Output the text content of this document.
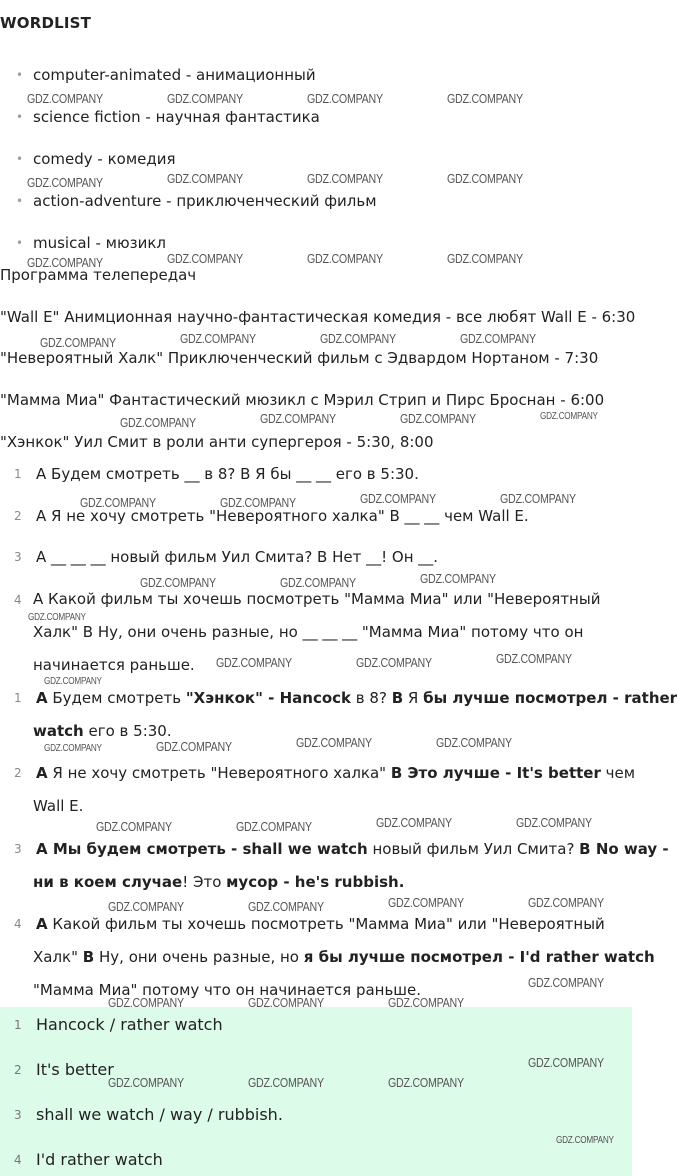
WORDLIST
• computer-animated - анимационный
• science fiction - научная фантастика
• comedy - комедия
• action-adventure - приключенческий фильм
• musical - мюзикл
Программа телепередач
"Wall E" Анимционная научно-фантастическая комедия - все любят Wall E - 6:30
"Невероятный Халк" Приключенческий фильм с Эдвардом Нортаном - 7:30
"Мамма Миа" Фантастический мюзикл с Мэрил Стрип и Пирс Броснан - 6:00
"Хэнкок" Уил Смит в роли анти супергероя - 5:30, 8:00
1 А Будем смотреть __ в 8? В Я бы __ __ его в 5:30.
2 А Я не хочу смотреть "Невероятного халка" В __ __ чем Wall E.
3 А __ __ __ новый фильм Уил Смита? В Нет __! Он __.
4 А Какой фильм ты хочешь посмотреть "Мамма Миа" или "Невероятный
Халк" В Ну, они очень разные, но __ __ __ "Мамма Миа" потому что он
начинается раньше.
1 А Будем смотреть "Хэнкок" - Hancock в 8? В Я бы лучше посмотрел - rather
watch его в 5:30.
2 А Я не хочу смотреть "Невероятного халка" В Это лучше - It's better чем
Wall E.
3 А Мы будем смотреть - shall we watch новый фильм Уил Смита? В No way -
ни в коем случае! Это мусор - he's rubbish.
4 А Какой фильм ты хочешь посмотреть "Мамма Миа" или "Невероятный
Халк" В Ну, они очень разные, но я бы лучше посмотрел - I'd rather watch
"Мамма Миа" потому что он начинается раньше.
1 Hancock / rather watch
2 It's better
3 shall we watch / way / rubbish.
4 I'd rather watch
GDZ.COMPANY	GDZ.COMPANY	GDZ.COMPANY	GDZ.COMPANY
GDZ.COMPANY	GDZ.COMPANY	GDZ.COMPANY	GDZ.COMPANY
GDZ.COMPANY	GDZ.COMPANY	GDZ.COMPANY	GDZ.COMPANY
GDZ.COMPANY	GDZ.COMPANY	GDZ.COMPANY	GDZ.COMPANY
GDZ.COMPANY	GDZ.COMPANY	GDZ.COMPANY	GDZ.COMPANY
GDZ.COMPANY	GDZ.COMPANY	GDZ.COMPANY	GDZ.COMPANY
GDZ.COMPANY	GDZ.COMPANY	GDZ.COMPANY
GDZ.COMPANY
GDZ.COMPANY	GDZ.COMPANY	GDZ.COMPANY
GDZ.COMPANY
GDZ.COMPANY	GDZ.COMPANY	GDZ.COMPANY	GDZ.COMPANY
GDZ.COMPANY	GDZ.COMPANY	GDZ.COMPANY	GDZ.COMPANY
GDZ.COMPANY	GDZ.COMPANY	GDZ.COMPANY	GDZ.COMPANY
GDZ.COMPANY
GDZ.COMPANY	GDZ.COMPANY	GDZ.COMPANY
GDZ.COMPANY
GDZ.COMPANY	GDZ.COMPANY	GDZ.COMPANY
GDZ.COMPANY
